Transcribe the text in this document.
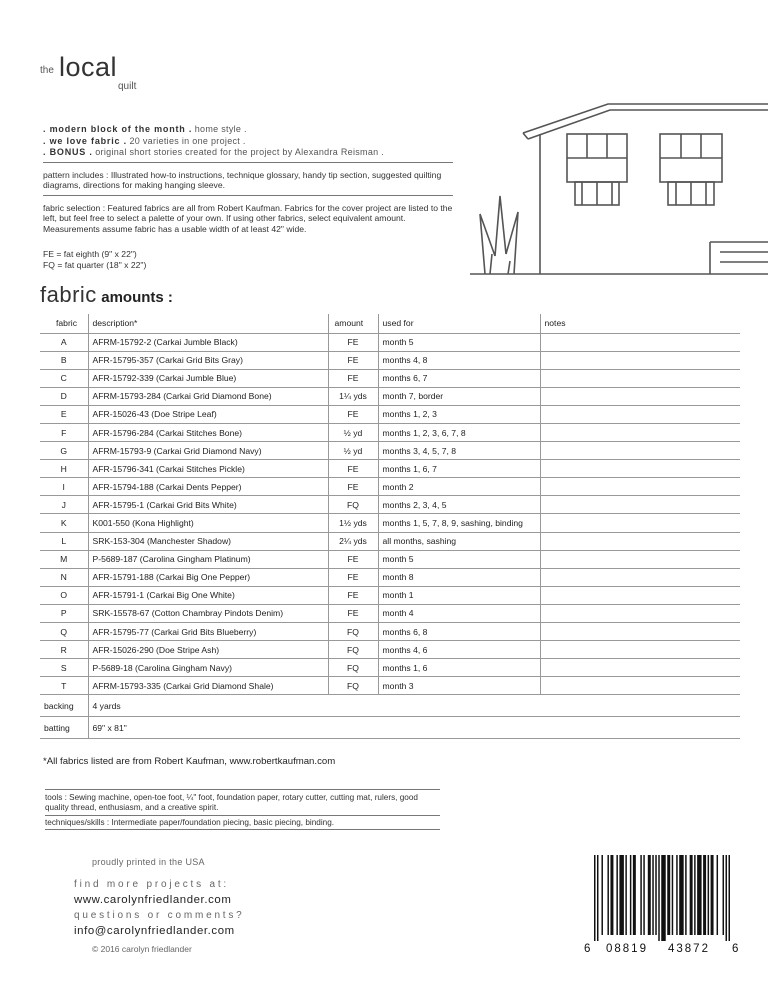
the local
quilt
. modern block of the month . home style .
. we love fabric . 20 varieties in one project .
. BONUS . original short stories created for the project by Alexandra Reisman .
pattern includes : Illustrated how-to instructions, technique glossary, handy tip section, suggested quilting diagrams, directions for making hanging sleeve.
fabric selection : Featured fabrics are all from Robert Kaufman. Fabrics for the cover project are listed to the left, but feel free to select a palette of your own. If using other fabrics, select equivalent amount. Measurements assume fabric has a usable width of at least 42" wide.
FE = fat eighth (9" x 22")
FQ = fat quarter (18" x 22")
fabric amounts :
fabric	description*	amount	used for	notes
A	AFRM-15792-2 (Carkai Jumble Black)	FE	month 5	
B	AFR-15795-357 (Carkai Grid Bits Gray)	FE	months 4, 8	
C	AFR-15792-339 (Carkai Jumble Blue)	FE	months 6, 7	
D	AFRM-15793-284 (Carkai Grid Diamond Bone)	1¼ yds	month 7, border	
E	AFR-15026-43 (Doe Stripe Leaf)	FE	months 1, 2, 3	
F	AFR-15796-284 (Carkai Stitches Bone)	½ yd	months 1, 2, 3, 6, 7, 8	
G	AFRM-15793-9 (Carkai Grid Diamond Navy)	½ yd	months 3, 4, 5, 7, 8	
H	AFR-15796-341 (Carkai Stitches Pickle)	FE	months 1, 6, 7	
I	AFR-15794-188 (Carkai Dents Pepper)	FE	month 2	
J	AFR-15795-1 (Carkai Grid Bits White)	FQ	months 2, 3, 4, 5	
K	K001-550 (Kona Highlight)	1½ yds	months 1, 5, 7, 8, 9, sashing, binding	
L	SRK-153-304 (Manchester Shadow)	2¼ yds	all months, sashing	
M	P-5689-187 (Carolina Gingham Platinum)	FE	month 5	
N	AFR-15791-188 (Carkai Big One Pepper)	FE	month 8	
O	AFR-15791-1 (Carkai Big One White)	FE	month 1	
P	SRK-15578-67 (Cotton Chambray Pindots Denim)	FE	month 4	
Q	AFR-15795-77 (Carkai Grid Bits Blueberry)	FQ	months 6, 8	
R	AFR-15026-290 (Doe Stripe Ash)	FQ	months 4, 6	
S	P-5689-18 (Carolina Gingham Navy)	FQ	months 1, 6	
T	AFRM-15793-335 (Carkai Grid Diamond Shale)	FQ	month 3	
backing	4 yards			
batting	69" x 81"			
*All fabrics listed are from Robert Kaufman, www.robertkaufman.com
tools : Sewing machine, open-toe foot, ¼" foot, foundation paper, rotary cutter, cutting mat, rulers, good quality thread, enthusiasm, and a creative spirit.
techniques/skills : Intermediate paper/foundation piecing, basic piecing, binding.
proudly printed in the USA
find more projects at:
www.carolynfriedlander.com
questions or comments?
info@carolynfriedlander.com
© 2016 carolyn friedlander	6 08819 43872 6
